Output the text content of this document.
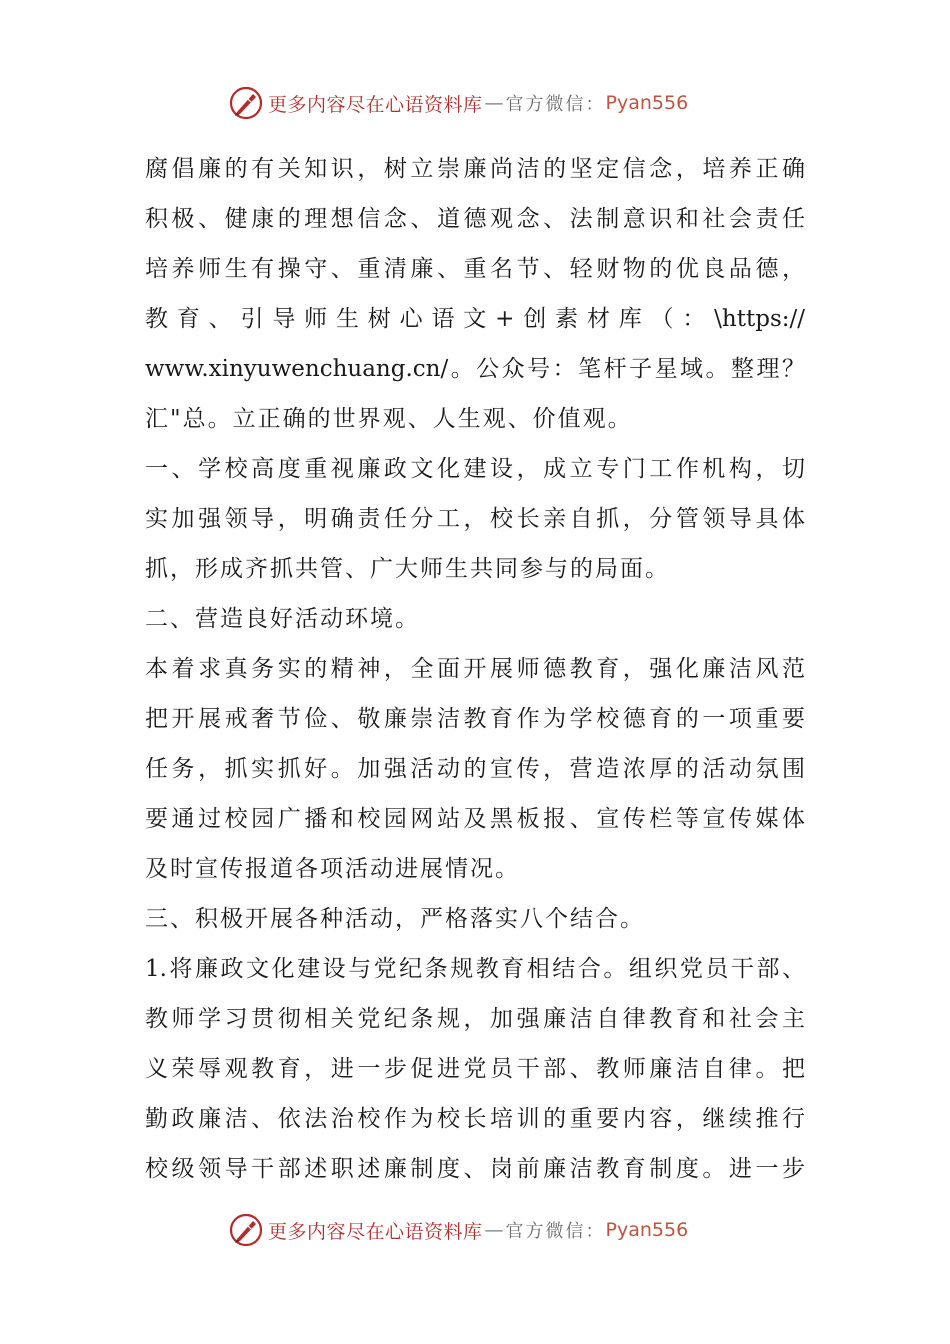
更多内容尽在心语资料库 — 官方微信： Pyan556
腐倡廉的有关知识，树立崇廉尚洁的坚定信念，培养正确
积极、健康的理想信念、道德观念、法制意识和社会责任
培养师生有操守、重清廉、重名节、轻财物的优良品德，
教育、引导师生树心语文+创素材库（：\https://
www.xinyuwenchuang.cn/。公众号：笔杆子星域。整理？
汇"总。立正确的世界观、人生观、价值观。
一、学校高度重视廉政文化建设，成立专门工作机构，切
实加强领导，明确责任分工，校长亲自抓，分管领导具体
抓，形成齐抓共管、广大师生共同参与的局面。
二、营造良好活动环境。
本着求真务实的精神，全面开展师德教育，强化廉洁风范
把开展戒奢节俭、敬廉崇洁教育作为学校德育的一项重要
任务，抓实抓好。加强活动的宣传，营造浓厚的活动氛围
要通过校园广播和校园网站及黑板报、宣传栏等宣传媒体
及时宣传报道各项活动进展情况。
三、积极开展各种活动，严格落实八个结合。
1.将廉政文化建设与党纪条规教育相结合。组织党员干部、
教师学习贯彻相关党纪条规，加强廉洁自律教育和社会主
义荣辱观教育，进一步促进党员干部、教师廉洁自律。把
勤政廉洁、依法治校作为校长培训的重要内容，继续推行
校级领导干部述职述廉制度、岗前廉洁教育制度。进一步
更多内容尽在心语资料库 — 官方微信： Pyan556
